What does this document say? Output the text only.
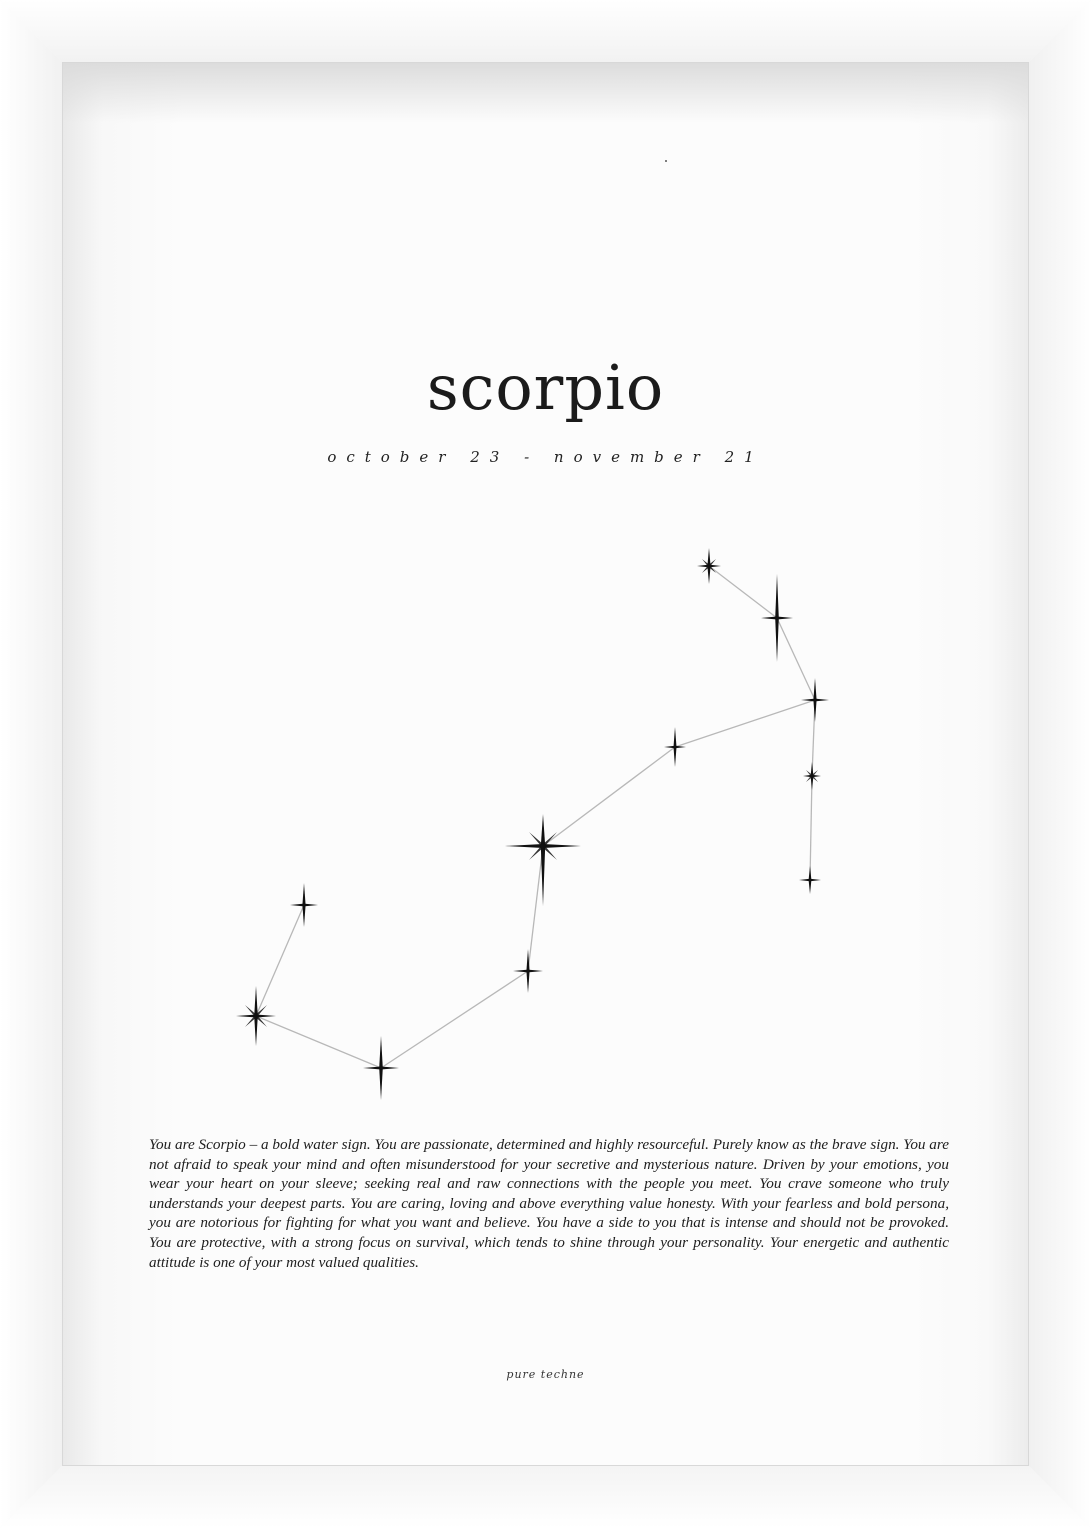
scorpio
october 23 - november 21
You are Scorpio – a bold water sign. You are passionate, determined and highly resourceful. Purely know as the brave sign. You are not afraid to speak your mind and often misunderstood for your secretive and mysterious nature. Driven by your emotions, you wear your heart on your sleeve; seeking real and raw connections with the people you meet. You crave someone who truly understands your deepest parts. You are caring, loving and above everything value honesty. With your fearless and bold persona, you are notorious for fighting for what you want and believe. You have a side to you that is intense and should not be provoked. You are protective, with a strong focus on survival, which tends to shine through your personality. Your energetic and authentic attitude is one of your most valued qualities.
pure techne
